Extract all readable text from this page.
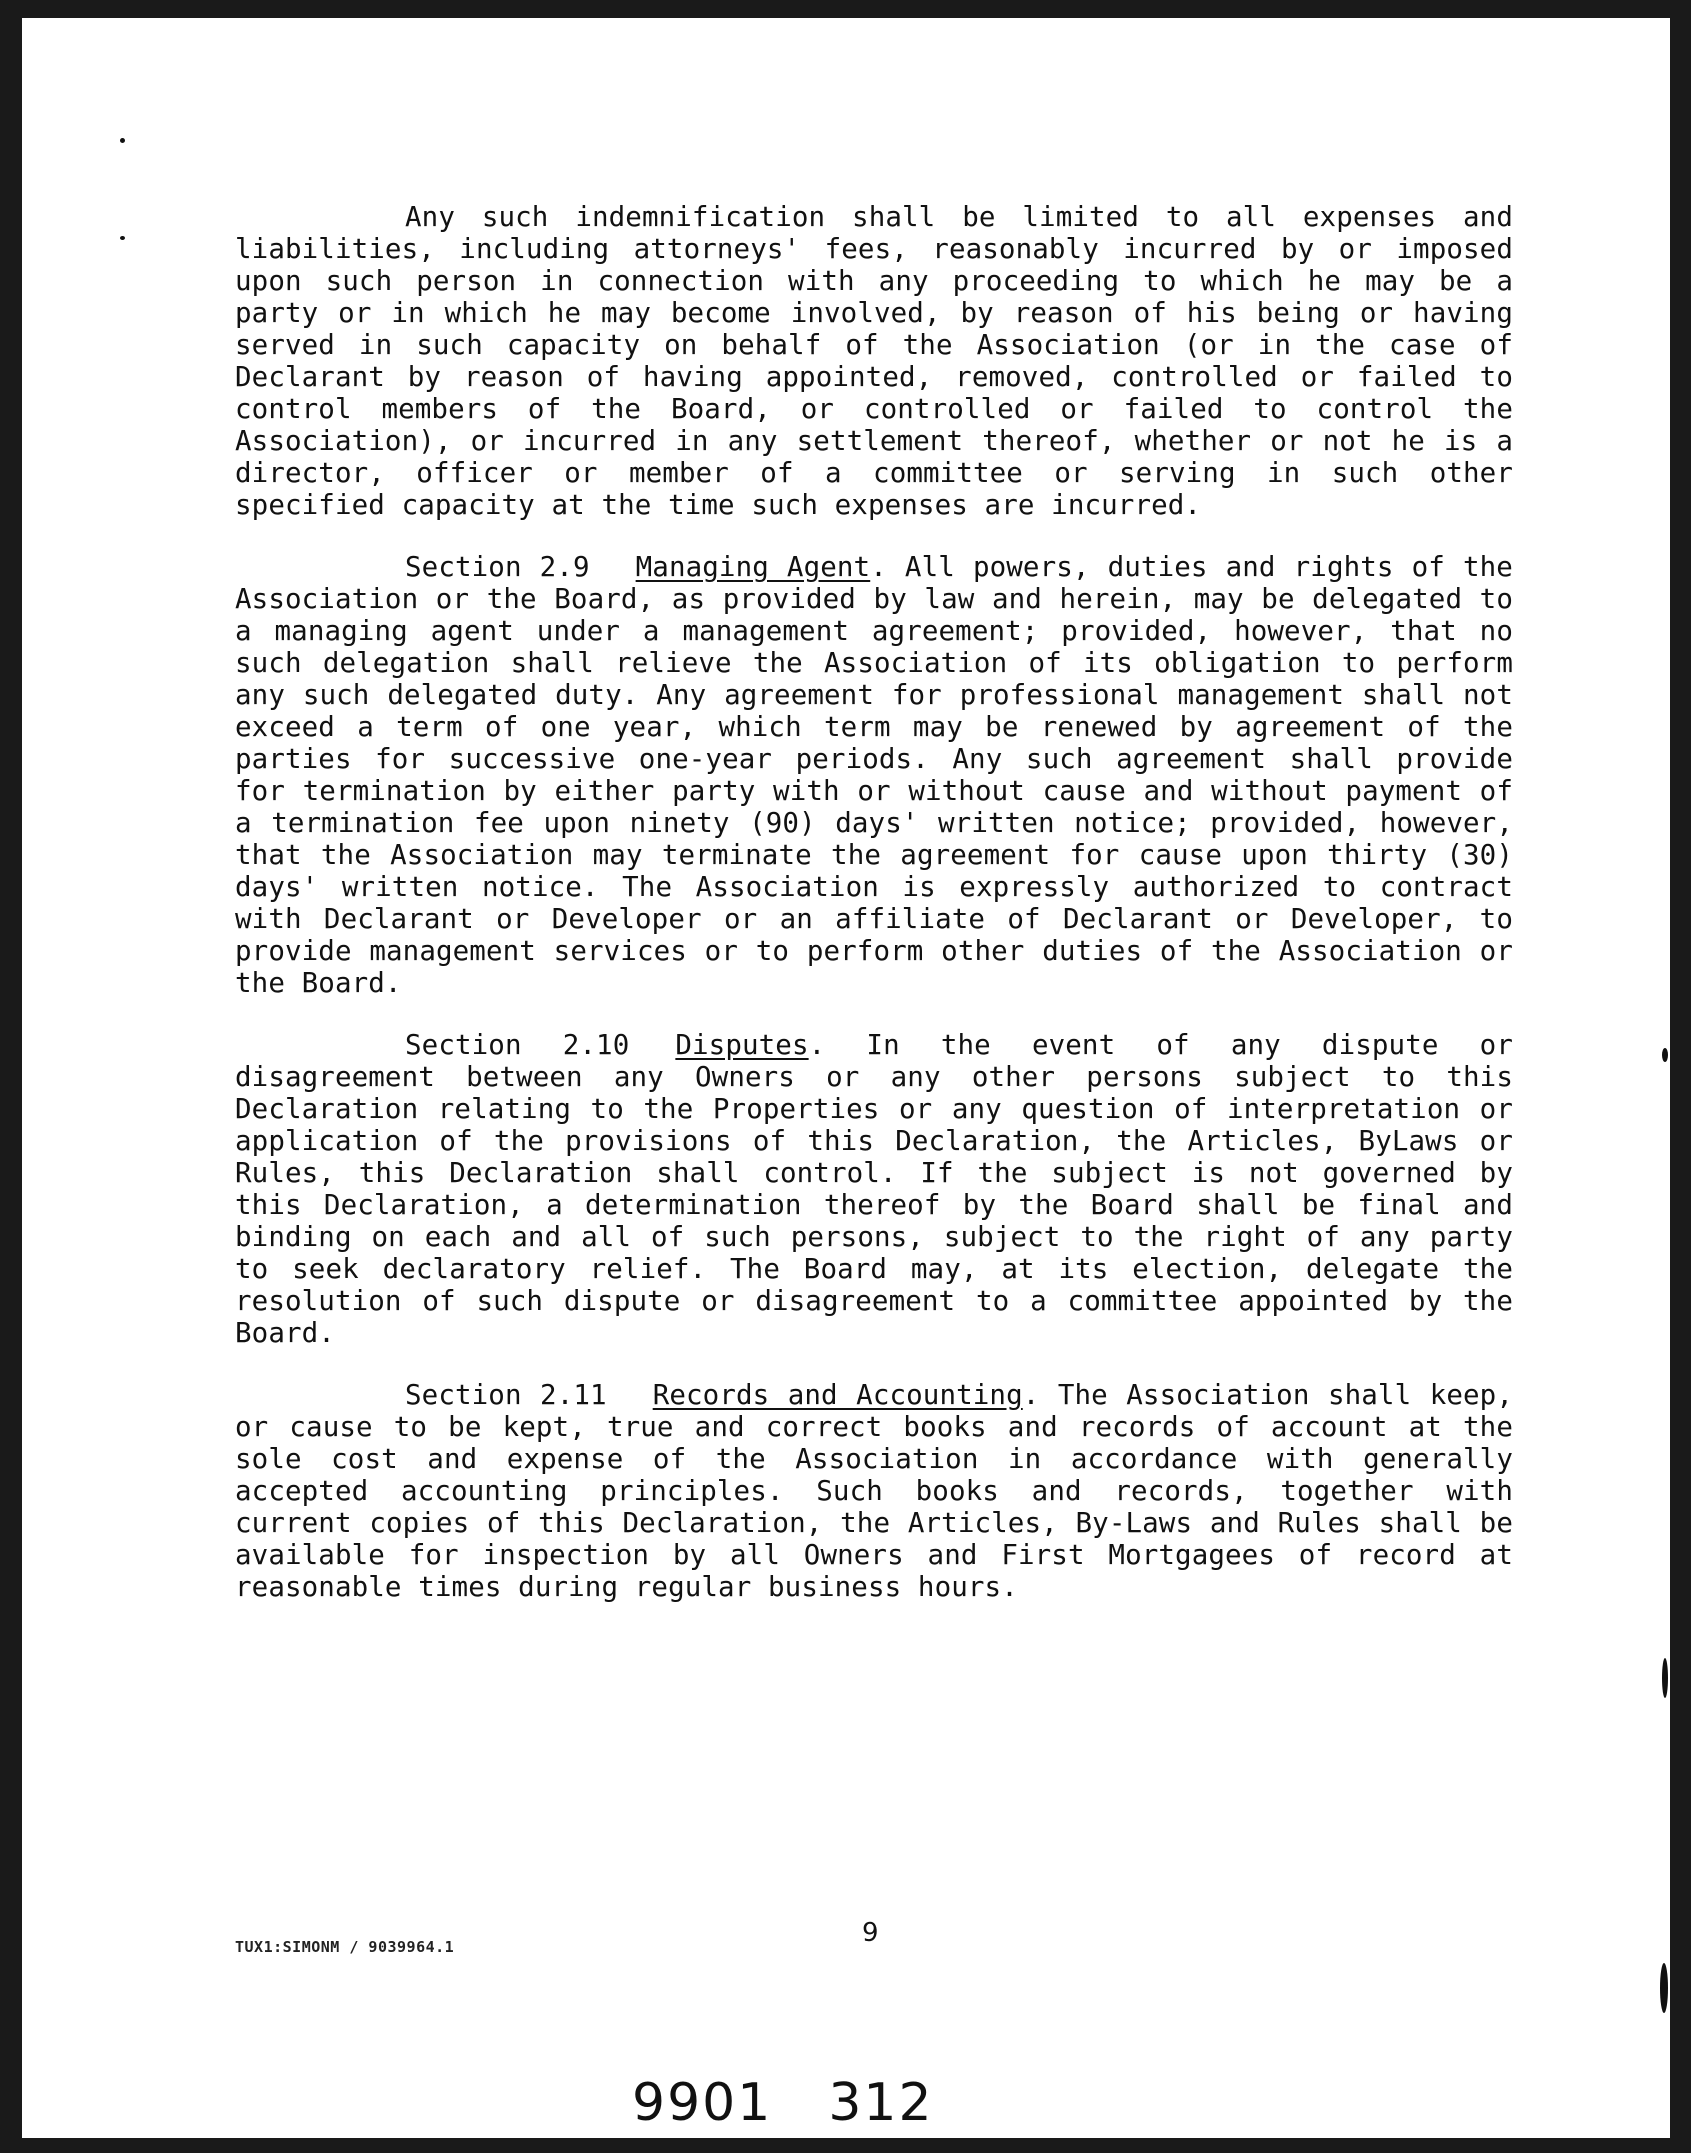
Any such indemnification shall be limited to all expenses and liabilities, including attorneys' fees, reasonably incurred by or imposed upon such person in connection with any proceeding to which he may be a party or in which he may become involved, by reason of his being or having served in such capacity on behalf of the Association (or in the case of Declarant by reason of having appointed, removed, controlled or failed to control members of the Board, or controlled or failed to control the Association), or incurred in any settlement thereof, whether or not he is a director, officer or member of a committee or serving in such other specified capacity at the time such expenses are incurred.

Section 2.9 Managing Agent. All powers, duties and rights of the Association or the Board, as provided by law and herein, may be delegated to a managing agent under a management agreement; provided, however, that no such delegation shall relieve the Association of its obligation to perform any such delegated duty. Any agreement for professional management shall not exceed a term of one year, which term may be renewed by agreement of the parties for successive one-year periods. Any such agreement shall provide for termination by either party with or without cause and without payment of a termination fee upon ninety (90) days' written notice; provided, however, that the Association may terminate the agreement for cause upon thirty (30) days' written notice. The Association is expressly authorized to contract with Declarant or Developer or an affiliate of Declarant or Developer, to provide management services or to perform other duties of the Association or the Board.

Section 2.10 Disputes. In the event of any dispute or disagreement between any Owners or any other persons subject to this Declaration relating to the Properties or any question of interpretation or application of the provisions of this Declaration, the Articles, ByLaws or Rules, this Declaration shall control. If the subject is not governed by this Declaration, a determination thereof by the Board shall be final and binding on each and all of such persons, subject to the right of any party to seek declaratory relief. The Board may, at its election, delegate the resolution of such dispute or disagreement to a committee appointed by the Board.

Section 2.11 Records and Accounting. The Association shall keep, or cause to be kept, true and correct books and records of account at the sole cost and expense of the Association in accordance with generally accepted accounting principles. Such books and records, together with current copies of this Declaration, the Articles, By-Laws and Rules shall be available for inspection by all Owners and First Mortgagees of record at reasonable times during regular business hours.

TUX1:SIMONM / 9039964.1	9
9901 312
